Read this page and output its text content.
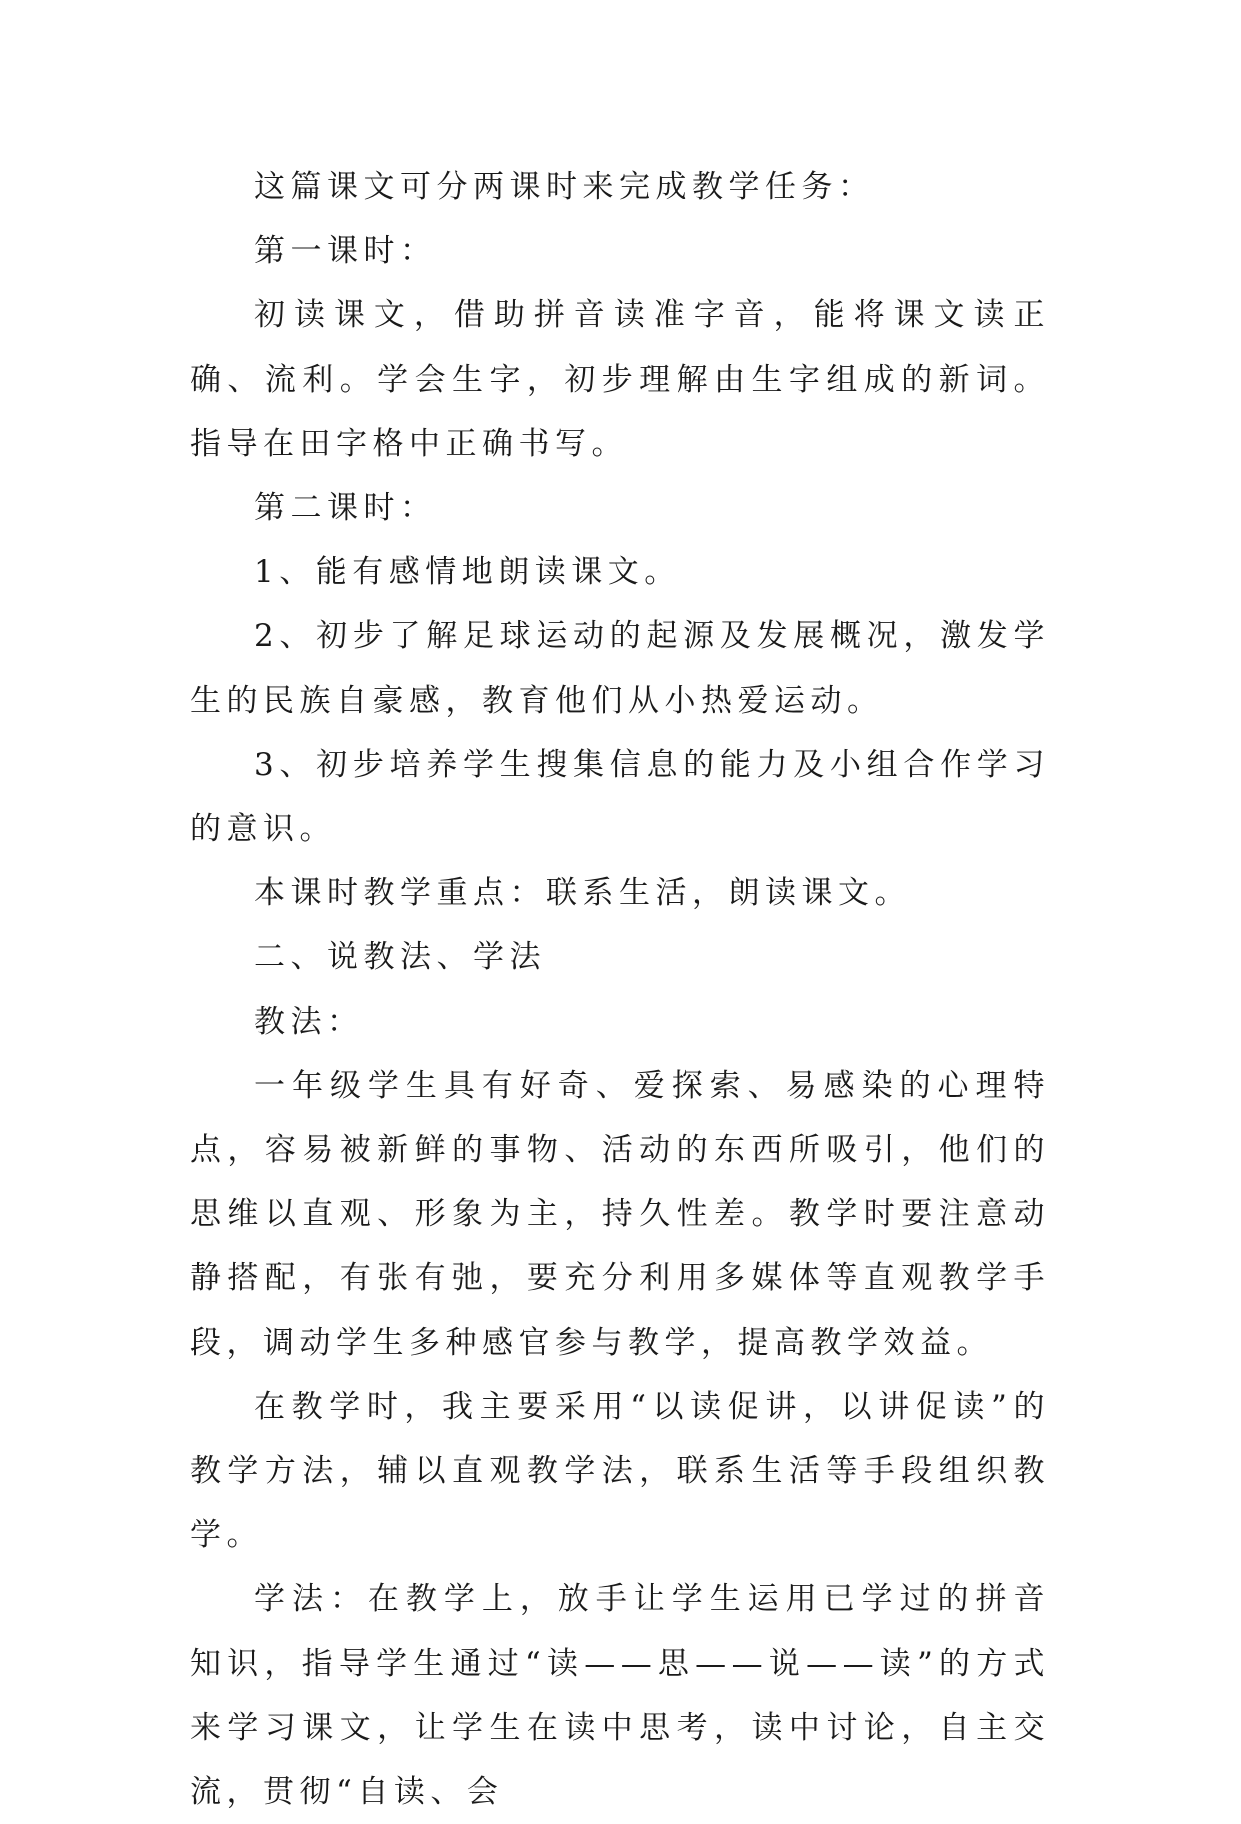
这篇课文可分两课时来完成教学任务：

第一课时：

初读课文，借助拼音读准字音，能将课文读正确、流利。学会生字，初步理解由生字组成的新词。指导在田字格中正确书写。

第二课时：

1、能有感情地朗读课文。

2、初步了解足球运动的起源及发展概况，激发学生的民族自豪感，教育他们从小热爱运动。

3、初步培养学生搜集信息的能力及小组合作学习的意识。

本课时教学重点：联系生活，朗读课文。

二、说教法、学法

教法：

一年级学生具有好奇、爱探索、易感染的心理特点，容易被新鲜的事物、活动的东西所吸引，他们的思维以直观、形象为主，持久性差。教学时要注意动静搭配，有张有弛，要充分利用多媒体等直观教学手段，调动学生多种感官参与教学，提高教学效益。

在教学时，我主要采用“以读促讲，以讲促读”的教学方法，辅以直观教学法，联系生活等手段组织教学。

学法：在教学上，放手让学生运用已学过的拼音知识，指导学生通过“读——思——说——读”的方式来学习课文，让学生在读中思考，读中讨论，自主交流，贯彻“自读、会
